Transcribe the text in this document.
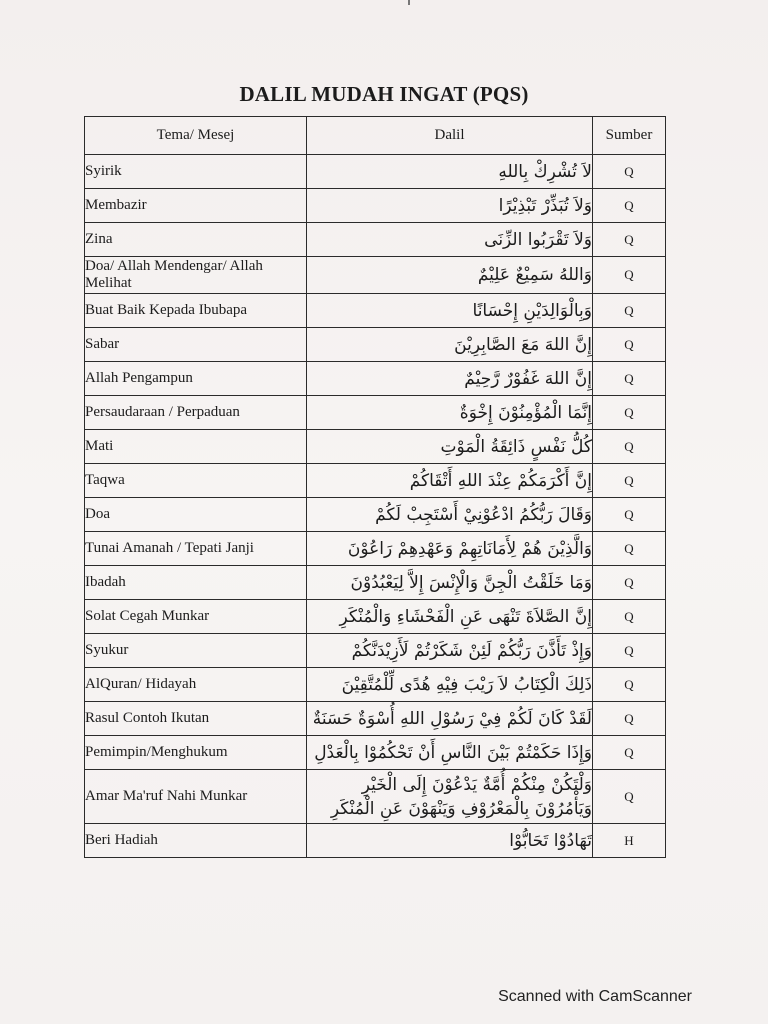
DALIL MUDAH INGAT (PQS)
Tema/ Mesej	Dalil	Sumber
Syirik	لاَ تُشْرِكْ بِاللهِ	Q
Membazir	وَلاَ تُبَذِّرْ تَبْذِيْرًا	Q
Zina	وَلاَ تَقْرَبُوا الزِّنَى	Q
Doa/ Allah Mendengar/ Allah Melihat	وَاللهُ سَمِيْعٌ عَلِيْمٌ	Q
Buat Baik Kepada Ibubapa	وَبِالْوَالِدَيْنِ إِحْسَانًا	Q
Sabar	إِنَّ اللهَ مَعَ الصَّابِرِيْنَ	Q
Allah Pengampun	إِنَّ اللهَ غَفُوْرٌ رَّحِيْمٌ	Q
Persaudaraan / Perpaduan	إِنَّمَا الْمُؤْمِنُوْنَ إِخْوَةٌ	Q
Mati	كُلُّ نَفْسٍ ذَائِقَةُ الْمَوْتِ	Q
Taqwa	إِنَّ أَكْرَمَكُمْ عِنْدَ اللهِ أَتْقَاكُمْ	Q
Doa	وَقَالَ رَبُّكُمُ ادْعُوْنِيْ أَسْتَجِبْ لَكُمْ	Q
Tunai Amanah / Tepati Janji	وَالَّذِيْنَ هُمْ لِأَمَانَاتِهِمْ وَعَهْدِهِمْ رَاعُوْنَ	Q
Ibadah	وَمَا خَلَقْتُ الْجِنَّ وَالْإِنْسَ إِلاَّ لِيَعْبُدُوْنَ	Q
Solat Cegah Munkar	إِنَّ الصَّلاَةَ تَنْهَى عَنِ الْفَحْشَاءِ وَالْمُنْكَرِ	Q
Syukur	وَإِذْ تَأَذَّنَ رَبُّكُمْ لَئِنْ شَكَرْتُمْ لَأَزِيْدَنَّكُمْ	Q
AlQuran/ Hidayah	ذَلِكَ الْكِتَابُ لاَ رَيْبَ فِيْهِ هُدًى لِّلْمُتَّقِيْنَ	Q
Rasul Contoh Ikutan	لَقَدْ كَانَ لَكُمْ فِيْ رَسُوْلِ اللهِ أُسْوَةٌ حَسَنَةٌ	Q
Pemimpin/Menghukum	وَإِذَا حَكَمْتُمْ بَيْنَ النَّاسِ أَنْ تَحْكُمُوْا بِالْعَدْلِ	Q
Amar Ma'ruf Nahi Munkar	وَلْتَكُنْ مِنْكُمْ أُمَّةٌ يَدْعُوْنَ إِلَى الْخَيْرِ وَيَأْمُرُوْنَ بِالْمَعْرُوْفِ وَيَنْهَوْنَ عَنِ الْمُنْكَرِ	Q
Beri Hadiah	تَهَادُوْا تَحَابُّوْا	H
Scanned with CamScanner
